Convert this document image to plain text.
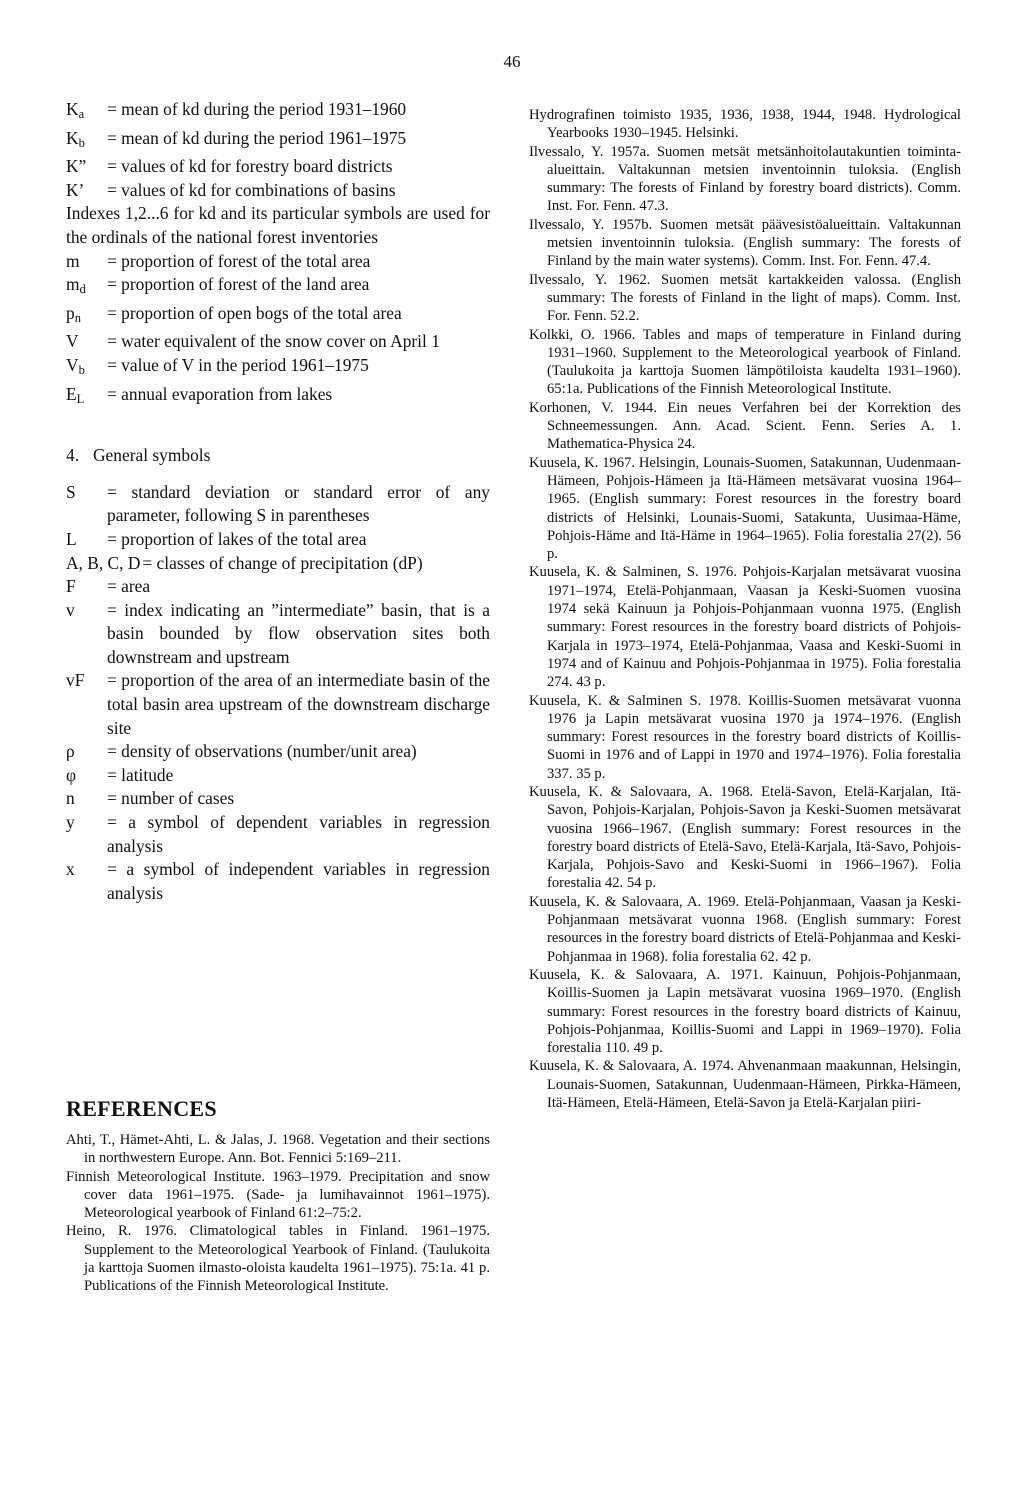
46
$K_a$	= mean of kd during the period 1931–1960
$K_b$	= mean of kd during the period 1961–1975
K”	= values of kd for forestry board districts
K’	= values of kd for combinations of basins
Indexes 1,2...6 for kd and its particular symbols are used for the ordinals of the national forest inventories
m	= proportion of forest of the total area
$m_d$	= proportion of forest of the land area
$p_n$	= proportion of open bogs of the total area
V	= water equivalent of the snow cover on April 1
$V_b$	= value of V in the period 1961–1975
$E_L$	= annual evaporation from lakes
4. General symbols
S	= standard deviation or standard error of any parameter, following S in parentheses
L	= proportion of lakes of the total area
A, B, C, D = classes of change of precipitation (dP)
F	= area
v	= index indicating an ”intermediate” basin, that is a basin bounded by flow observation sites both downstream and upstream
vF	= proportion of the area of an intermediate basin of the total basin area upstream of the downstream discharge site
ρ	= density of observations (number/unit area)
φ	= latitude
n	= number of cases
y	= a symbol of dependent variables in regression analysis
x	= a symbol of independent variables in regression analysis
REFERENCES
Ahti, T., Hämet-Ahti, L. & Jalas, J. 1968. Vegetation and their sections in northwestern Europe. Ann. Bot. Fennici 5:169–211.
Finnish Meteorological Institute. 1963–1979. Precipitation and snow cover data 1961–1975. (Sade- ja lumihavainnot 1961–1975). Meteorological yearbook of Finland 61:2–75:2.
Heino, R. 1976. Climatological tables in Finland. 1961–1975. Supplement to the Meteorological Yearbook of Finland. (Taulukoita ja karttoja Suomen ilmasto-oloista kaudelta 1961–1975). 75:1a. 41 p. Publications of the Finnish Meteorological Institute.
Hydrografinen toimisto 1935, 1936, 1938, 1944, 1948. Hydrological Yearbooks 1930–1945. Helsinki.
Ilvessalo, Y. 1957a. Suomen metsät metsänhoitolautakuntien toiminta-alueittain. Valtakunnan metsien inventoinnin tuloksia. (English summary: The forests of Finland by forestry board districts). Comm. Inst. For. Fenn. 47.3.
Ilvessalo, Y. 1957b. Suomen metsät päävesistöalueittain. Valtakunnan metsien inventoinnin tuloksia. (English summary: The forests of Finland by the main water systems). Comm. Inst. For. Fenn. 47.4.
Ilvessalo, Y. 1962. Suomen metsät kartakkeiden valossa. (English summary: The forests of Finland in the light of maps). Comm. Inst. For. Fenn. 52.2.
Kolkki, O. 1966. Tables and maps of temperature in Finland during 1931–1960. Supplement to the Meteorological yearbook of Finland. (Taulukoita ja karttoja Suomen lämpötiloista kaudelta 1931–1960). 65:1a. Publications of the Finnish Meteorological Institute.
Korhonen, V. 1944. Ein neues Verfahren bei der Korrektion des Schneemessungen. Ann. Acad. Scient. Fenn. Series A. 1. Mathematica-Physica 24.
Kuusela, K. 1967. Helsingin, Lounais-Suomen, Satakunnan, Uudenmaan-Hämeen, Pohjois-Hämeen ja Itä-Hämeen metsävarat vuosina 1964–1965. (English summary: Forest resources in the forestry board districts of Helsinki, Lounais-Suomi, Satakunta, Uusimaa-Häme, Pohjois-Häme and Itä-Häme in 1964–1965). Folia forestalia 27(2). 56 p.
Kuusela, K. & Salminen, S. 1976. Pohjois-Karjalan metsävarat vuosina 1971–1974, Etelä-Pohjanmaan, Vaasan ja Keski-Suomen vuosina 1974 sekä Kainuun ja Pohjois-Pohjanmaan vuonna 1975. (English summary: Forest resources in the forestry board districts of Pohjois-Karjala in 1973–1974, Etelä-Pohjanmaa, Vaasa and Keski-Suomi in 1974 and of Kainuu and Pohjois-Pohjanmaa in 1975). Folia forestalia 274. 43 p.
Kuusela, K. & Salminen S. 1978. Koillis-Suomen metsävarat vuonna 1976 ja Lapin metsävarat vuosina 1970 ja 1974–1976. (English summary: Forest resources in the forestry board districts of Koillis-Suomi in 1976 and of Lappi in 1970 and 1974–1976). Folia forestalia 337. 35 p.
Kuusela, K. & Salovaara, A. 1968. Etelä-Savon, Etelä-Karjalan, Itä-Savon, Pohjois-Karjalan, Pohjois-Savon ja Keski-Suomen metsävarat vuosina 1966–1967. (English summary: Forest resources in the forestry board districts of Etelä-Savo, Etelä-Karjala, Itä-Savo, Pohjois-Karjala, Pohjois-Savo and Keski-Suomi in 1966–1967). Folia forestalia 42. 54 p.
Kuusela, K. & Salovaara, A. 1969. Etelä-Pohjanmaan, Vaasan ja Keski-Pohjanmaan metsävarat vuonna 1968. (English summary: Forest resources in the forestry board districts of Etelä-Pohjanmaa and Keski-Pohjanmaa in 1968). folia forestalia 62. 42 p.
Kuusela, K. & Salovaara, A. 1971. Kainuun, Pohjois-Pohjanmaan, Koillis-Suomen ja Lapin metsävarat vuosina 1969–1970. (English summary: Forest resources in the forestry board districts of Kainuu, Pohjois-Pohjanmaa, Koillis-Suomi and Lappi in 1969–1970). Folia forestalia 110. 49 p.
Kuusela, K. & Salovaara, A. 1974. Ahvenanmaan maakunnan, Helsingin, Lounais-Suomen, Satakunnan, Uudenmaan-Hämeen, Pirkka-Hämeen, Itä-Hämeen, Etelä-Hämeen, Etelä-Savon ja Etelä-Karjalan piiri-
